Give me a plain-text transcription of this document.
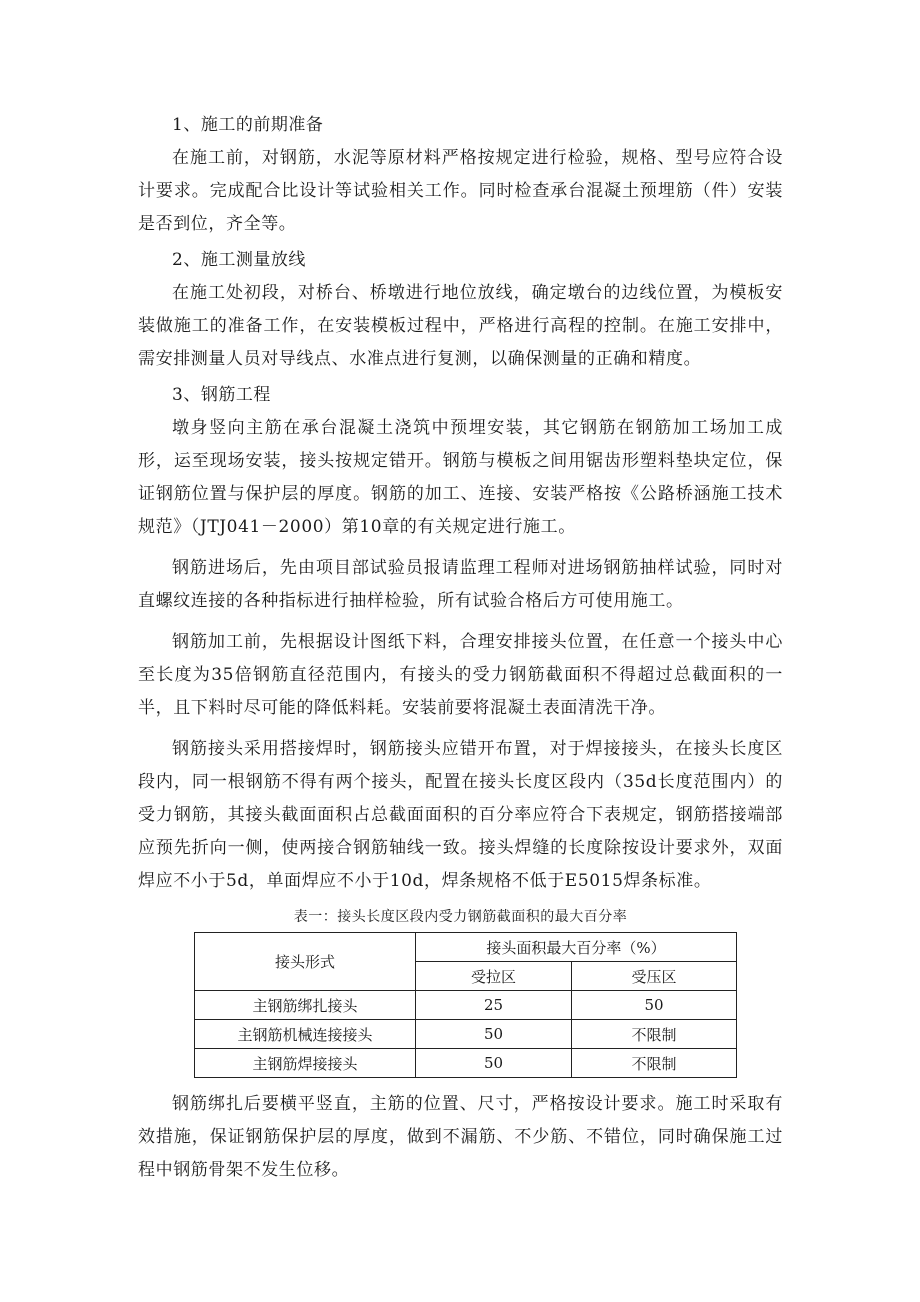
1、施工的前期准备

在施工前，对钢筋，水泥等原材料严格按规定进行检验，规格、型号应符合设计要求。完成配合比设计等试验相关工作。同时检查承台混凝土预埋筋（件）安装是否到位，齐全等。

2、施工测量放线

在施工处初段，对桥台、桥墩进行地位放线，确定墩台的边线位置，为模板安装做施工的准备工作，在安装模板过程中，严格进行高程的控制。在施工安排中，需安排测量人员对导线点、水准点进行复测，以确保测量的正确和精度。

3、钢筋工程

墩身竖向主筋在承台混凝土浇筑中预埋安装，其它钢筋在钢筋加工场加工成形，运至现场安装，接头按规定错开。钢筋与模板之间用锯齿形塑料垫块定位，保证钢筋位置与保护层的厚度。钢筋的加工、连接、安装严格按《公路桥涵施工技术规范》（JTJ041－2000）第10章的有关规定进行施工。

钢筋进场后，先由项目部试验员报请监理工程师对进场钢筋抽样试验，同时对直螺纹连接的各种指标进行抽样检验，所有试验合格后方可使用施工。

钢筋加工前，先根据设计图纸下料，合理安排接头位置，在任意一个接头中心至长度为35倍钢筋直径范围内，有接头的受力钢筋截面积不得超过总截面积的一半，且下料时尽可能的降低料耗。安装前要将混凝土表面清洗干净。

钢筋接头采用搭接焊时，钢筋接头应错开布置，对于焊接接头，在接头长度区段内，同一根钢筋不得有两个接头，配置在接头长度区段内（35d长度范围内）的受力钢筋，其接头截面面积占总截面面积的百分率应符合下表规定，钢筋搭接端部应预先折向一侧，使两接合钢筋轴线一致。接头焊缝的长度除按设计要求外，双面焊应不小于5d，单面焊应不小于10d，焊条规格不低于E5015焊条标准。

表一：接头长度区段内受力钢筋截面积的最大百分率
接头形式	接头面积最大百分率（%）	
	受拉区	受压区
主钢筋绑扎接头	25	50
主钢筋机械连接接头	50	不限制
主钢筋焊接接头	50	不限制

钢筋绑扎后要横平竖直，主筋的位置、尺寸，严格按设计要求。施工时采取有效措施，保证钢筋保护层的厚度，做到不漏筋、不少筋、不错位，同时确保施工过程中钢筋骨架不发生位移。
